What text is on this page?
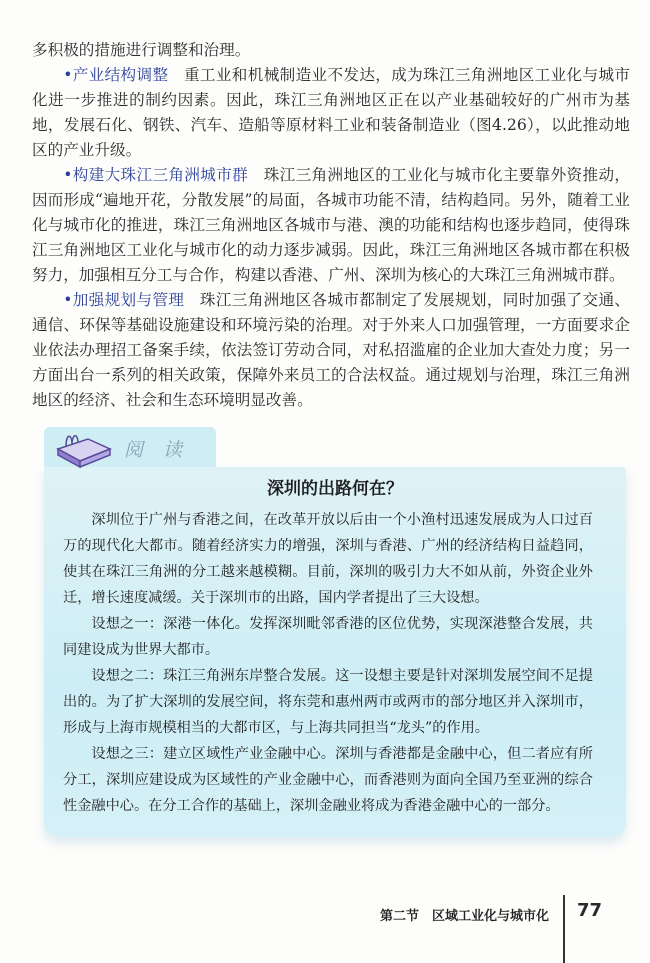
多积极的措施进行调整和治理。

•产业结构调整 重工业和机械制造业不发达，成为珠江三角洲地区工业化与城市化进一步推进的制约因素。因此，珠江三角洲地区正在以产业基础较好的广州市为基地，发展石化、钢铁、汽车、造船等原材料工业和装备制造业（图4.26），以此推动地区的产业升级。

•构建大珠江三角洲城市群 珠江三角洲地区的工业化与城市化主要靠外资推动，因而形成“遍地开花，分散发展”的局面，各城市功能不清，结构趋同。另外，随着工业化与城市化的推进，珠江三角洲地区各城市与港、澳的功能和结构也逐步趋同，使得珠江三角洲地区工业化与城市化的动力逐步减弱。因此，珠江三角洲地区各城市都在积极努力，加强相互分工与合作，构建以香港、广州、深圳为核心的大珠江三角洲城市群。

•加强规划与管理 珠江三角洲地区各城市都制定了发展规划，同时加强了交通、通信、环保等基础设施建设和环境污染的治理。对于外来人口加强管理，一方面要求企业依法办理招工备案手续，依法签订劳动合同，对私招滥雇的企业加大查处力度；另一方面出台一系列的相关政策，保障外来员工的合法权益。通过规划与治理，珠江三角洲地区的经济、社会和生态环境明显改善。

阅读
深圳的出路何在？

深圳位于广州与香港之间，在改革开放以后由一个小渔村迅速发展成为人口过百万的现代化大都市。随着经济实力的增强，深圳与香港、广州的经济结构日益趋同，使其在珠江三角洲的分工越来越模糊。目前，深圳的吸引力大不如从前，外资企业外迁，增长速度减缓。关于深圳市的出路，国内学者提出了三大设想。

设想之一：深港一体化。发挥深圳毗邻香港的区位优势，实现深港整合发展，共同建设成为世界大都市。

设想之二：珠江三角洲东岸整合发展。这一设想主要是针对深圳发展空间不足提出的。为了扩大深圳的发展空间，将东莞和惠州两市或两市的部分地区并入深圳市，形成与上海市规模相当的大都市区，与上海共同担当“龙头”的作用。

设想之三：建立区域性产业金融中心。深圳与香港都是金融中心，但二者应有所分工，深圳应建设成为区域性的产业金融中心，而香港则为面向全国乃至亚洲的综合性金融中心。在分工合作的基础上，深圳金融业将成为香港金融中心的一部分。

第二节　区域工业化与城市化 77
